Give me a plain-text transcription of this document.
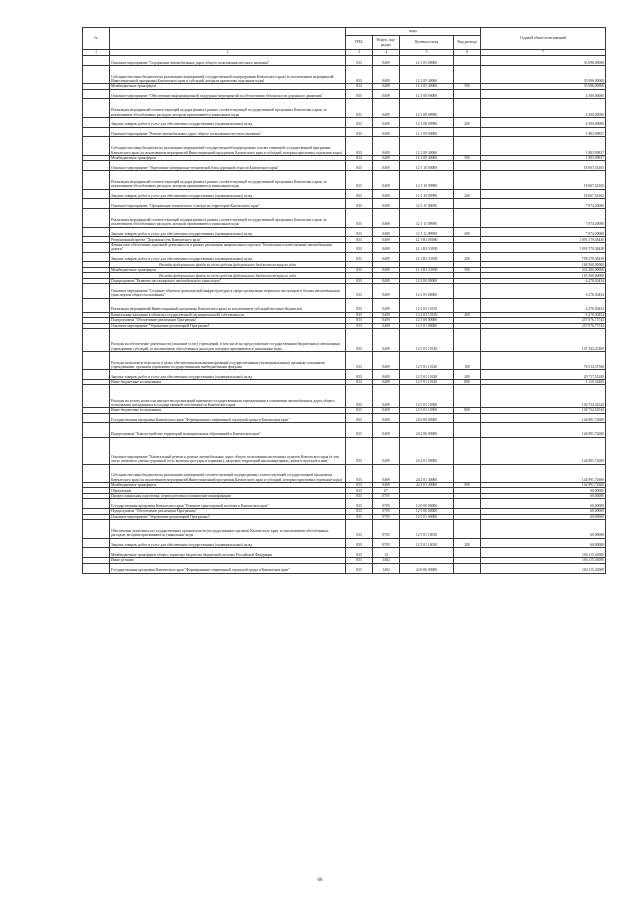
№		коды				Годовой объем ассигнований
		ГРБС	Раздел, под-раздел	Целевая статья	Вид расхода	
1	2	3	4	5	6	7
	Основное мероприятие "Содержание автомобильных дорог общего пользования местного значения"	833	0409	12 1 05 00000		35 096,00000
	Субсидии местным бюджетам на реализацию мероприятий государственной подпрограммы Камчатского края (за исключением мероприятий Инвестиционной программы Камчатского края и субсидий, которым присвоены отдельные коды)	833	0409	12 1 05 40060		35 096,00000
	Межбюджетные трансферты	833	0409	12 1 05 40060	500	35 096,00000
	Основное мероприятие "Обеспечение информационной поддержки мероприятий по обеспечению безопасности дорожного движения"	833	0409	12 1 08 00000		4 500,00000
	Реализация мероприятий соответствующей подпрограммы в рамках соответствующей государственной программы Камчатского края, за исключением обособленных расходов, которым присваиваются уникальные коды	833	0409	12 1 08 09990		4 500,00000
	Закупка товаров, работ и услуг для обеспечения государственных (муниципальных) нужд	833	0409	12 1 08 09990	200	4 500,00000
	Основное мероприятие "Ремонт автомобильных дорог общего пользования местного значения"	833	0409	12 1 09 00000		1 883,99837
	Субсидии местным бюджетам на реализацию мероприятий государственной подпрограммы соответствующей государственной программы Камчатского края (за исключением мероприятий Инвестиционной программы Камчатского края и субсидий, которым присвоены отдельные коды)	833	0409	12 1 09 40060		1 883,99837
	Межбюджетные трансферты	833	0409	12 1 09 40060	500	1 883,99837
	Основное мероприятие "Укрепление материально-технической базы дорожной отрасли Камчатского края"	833	0409	12 1 10 00000		18 067,54165
	Реализация мероприятий соответствующей подпрограммы в рамках соответствующей государственной программы Камчатского края, за исключением обособленных расходов, которым присваиваются уникальные коды	833	0409	12 1 10 09990		18 067,54165
	Закупка товаров, работ и услуг для обеспечения государственных (муниципальных) нужд	833	0409	12 1 10 09990	200	18 067,54165
	Основное мероприятие "Организация технического осмотра на территории Камчатского края"	833	0409	12 1 11 00000		7 874,20000
	Реализация мероприятий соответствующей подпрограммы в рамках соответствующей государственной программы Камчатского края, за исключением обособленных расходов, которым присваиваются уникальные коды	833	0409	12 1 11 09990		7 874,20000
	Закупка товаров, работ и услуг для обеспечения государственных (муниципальных) нужд	833	0409	12 1 11 09990	200	7 874,20000
	Региональный проект "Дорожная сеть Камчатского края"	833	0409	12 1 R1 00000		1 091 579,38430
	Финансовое обеспечение дорожной деятельности в рамках реализации национального проекта "Безопасные и качественные автомобильные дороги"	833	0409	12 1 R1 53930		1 091 579,38430
	Закупка товаров, работ и услуг для обеспечения государственных (муниципальных) нужд	833	0409	12 1 R1 53930	200	758 379,38430
	Расходы федерального фонда за счет средств федерального бюджета текущего года					168 560,00000
	Межбюджетные трансферты	833	0409	12 1 R1 53930	500	333 200,00000
	Расходы федерального фонда за счет средств федерального бюджета текущего года					165 560,00000
	Подпрограмма "Развитие пассажирского автомобильного транспорта"	833	0409	12 2 00 00000		6 278,30454
	Основное мероприятие "Создание объектов транспортной инфраструктуры в сфере организации перевозок пассажиров и багажа автомобильным транспортом общего пользования"	833	0409	12 2 03 00000		6 278,30454
	Реализация мероприятий Инвестиционной программы Камчатского края (за исключением субсидий местным бюджетам)	833	0409	12 2 03 10130		6 278,30454
	Капитальные вложения в объекты государственной (муниципальной) собственности	833	0409	12 2 03 10130	400	6 278,30454
	Подпрограмма "Обеспечение реализации Программы"	833	0409	12 5 00 00000		257 076,75743
	Основное мероприятие "Управление реализацией Программы"	833	0409	12 5 01 00000		257 076,75743
	Расходы на обеспечение деятельности (оказание услуг) учреждений, в том числе на предоставление государственным бюджетным и автономным учреждениям субсидий, за исключением обособленных расходов, которым присваиваются уникальные коды	833	0409	12 5 01 10140		107 342,23200
	Расходы на выплаты персоналу в целях обеспечения выполнения функций государственными (муниципальными) органами, казенными учреждениями, органами управления государственными внебюджетными фондами	833	0409	12 5 01 10140	100	76 514,37500
	Закупка товаров, работ и услуг для обеспечения государственных (муниципальных) нужд	833	0409	12 5 01 10140	200	29 717,51200
	Иные бюджетные ассигнования	833	0409	12 5 01 10140	800	1 110,34400
	Расходы на уплату налога на имущество организаций краевыми государственными учреждениями в отношении автомобильных дорог общего пользования, находящихся в государственной собственности Камчатского края	833	0409	12 5 01 10560		149 734,52543
	Иные бюджетные ассигнования	833	0409	12 5 01 10560	800	149 734,52543
	Государственная программа Камчатского края "Формирование современной городской среды в Камчатском крае"	833	0409	24 0 00 00000		144 891,72600
	Подпрограмма "Благоустройство территорий муниципальных образований в Камчатском крае"	833	0409	24 2 00 00000		144 891,72600
	Основное мероприятие "Капитальный ремонт и ремонт автомобильных дорог общего пользования населенных пунктов Камчатского края (в том числе элементов улично-дорожной сети, включая тротуары и парковки), дворовых территорий многоквартирных домов и проездов к ним"	833	0409	24 2 01 00000		144 891,72600
	Субсидии местным бюджетам на реализацию мероприятий соответствующей подпрограммы соответствующей государственной программы Камчатского края (за исключением мероприятий Инвестиционной программы Камчатского края и субсидий, которым присвоены отдельные коды)	833	0409	24 2 01 40060		144 891,72600
	Межбюджетные трансферты	833	0409	24 2 01 40060	500	144 891,72600
	Образование	833	07			60,00000
	Профессиональная подготовка, переподготовка и повышение квалификации	833	0705			60,00000
	Государственная программа Камчатского края "Развитие транспортной системы в Камчатском крае"	833	0705	12 0 00 00000		60,00000
	Подпрограмма "Обеспечение реализации Программы"	833	0705	12 5 00 00000		60,00000
	Основное мероприятие "Управление реализацией Программы"	833	0705	12 5 01 00000		60,00000
	Обеспечение деятельности государственных органов власти (государственных органов) Камчатского края, за исключением обособленных расходов, которым присваиваются уникальные коды	833	0705	12 5 01 10010		60,00000
	Закупка товаров, работ и услуг для обеспечения государственных (муниципальных) нужд	833	0705	12 5 01 10010	200	60,00000
	Межбюджетные трансферты общего характера бюджетам бюджетной системы Российской Федерации	833	14			104 115,43000
	Иные дотации	833	1402			104 115,43000
	Государственная программа Камчатского края "Формирование современной городской среды в Камчатском крае"	833	1402	24 0 00 00000		104 115,43000
66
